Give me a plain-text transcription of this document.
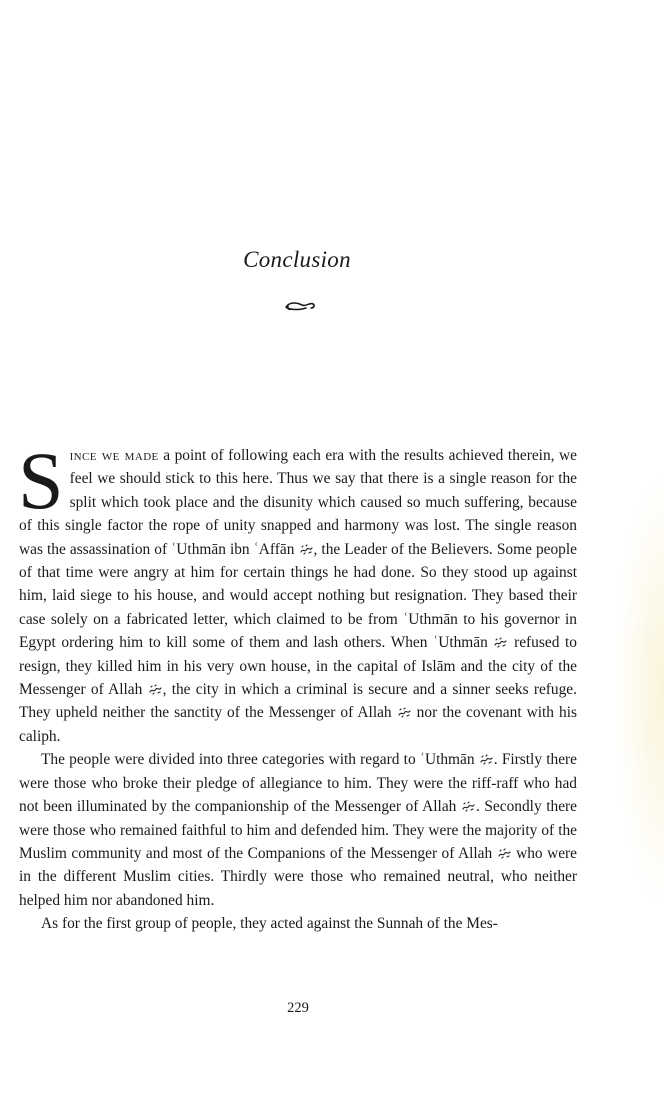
Conclusion

Since we made a point of following each era with the results achieved therein, we feel we should stick to this here. Thus we say that there is a single reason for the split which took place and the disunity which caused so much suffering, because of this single factor the rope of unity snapped and harmony was lost. The single reason was the assassination of ʿUthmān ibn ʿAffān , the Leader of the Believers. Some people of that time were angry at him for certain things he had done. So they stood up against him, laid siege to his house, and would accept nothing but resignation. They based their case solely on a fabricated letter, which claimed to be from ʿUthmān to his governor in Egypt ordering him to kill some of them and lash others. When ʿUthmān  refused to resign, they killed him in his very own house, in the capital of Islām and the city of the Messenger of Allah , the city in which a criminal is secure and a sinner seeks refuge. They upheld neither the sanctity of the Messenger of Allah  nor the covenant with his caliph.

The people were divided into three categories with regard to ʿUthmān . Firstly there were those who broke their pledge of allegiance to him. They were the riff-raff who had not been illuminated by the companionship of the Messenger of Allah . Secondly there were those who remained faithful to him and defended him. They were the majority of the Muslim community and most of the Companions of the Messenger of Allah  who were in the different Muslim cities. Thirdly were those who remained neutral, who neither helped him nor abandoned him.

As for the first group of people, they acted against the Sunnah of the Mes-

229
